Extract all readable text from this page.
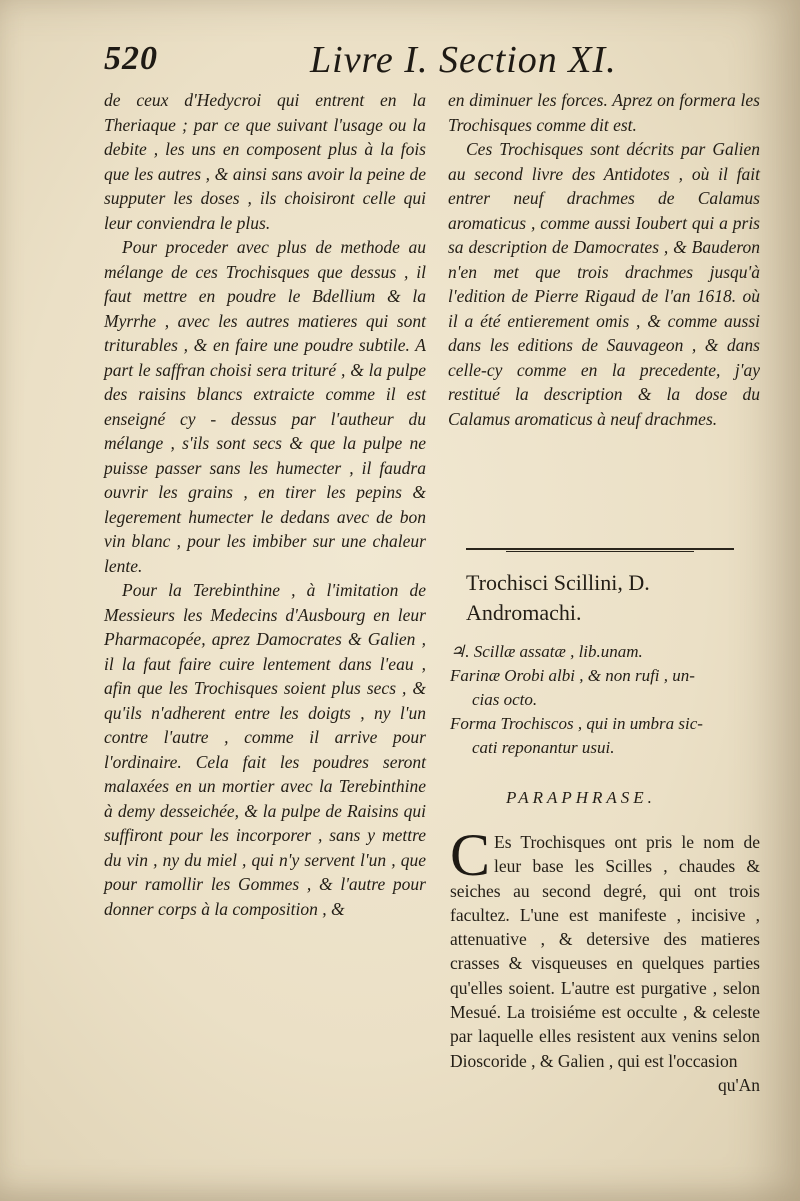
520	Livre I. Section XI.

de ceux d'Hedycroi qui entrent en la Theriaque ; par ce que suivant l'usage ou la debite , les uns en composent plus à la fois que les autres , & ainsi sans avoir la peine de supputer les doses , ils choisiront celle qui leur conviendra le plus.

Pour proceder avec plus de methode au mélange de ces Trochisques que dessus , il faut mettre en poudre le Bdellium & la Myrrhe , avec les autres matieres qui sont triturables , & en faire une poudre subtile. A part le saffran choisi sera trituré , & la pulpe des raisins blancs extraicte comme il est enseigné cy - dessus par l'autheur du mélange , s'ils sont secs & que la pulpe ne puisse passer sans les humecter , il faudra ouvrir les grains , en tirer les pepins & legerement humecter le dedans avec de bon vin blanc , pour les imbiber sur une chaleur lente.

Pour la Terebinthine , à l'imitation de Messieurs les Medecins d'Ausbourg en leur Pharmacopée, aprez Damocrates & Galien , il la faut faire cuire lentement dans l'eau , afin que les Trochisques soient plus secs , & qu'ils n'adherent entre les doigts , ny l'un contre l'autre , comme il arrive pour l'ordinaire. Cela fait les poudres seront malaxées en un mortier avec la Terebinthine à demy desseichée, & la pulpe de Raisins qui suffiront pour les incorporer , sans y mettre du vin , ny du miel , qui n'y servent l'un , que pour ramollir les Gommes , & l'autre pour donner corps à la composition , &

en diminuer les forces. Aprez on formera les Trochisques comme dit est.

Ces Trochisques sont décrits par Galien au second livre des Antidotes , où il fait entrer neuf drachmes de Calamus aromaticus , comme aussi Ioubert qui a pris sa description de Damocrates , & Bauderon n'en met que trois drachmes jusqu'à l'edition de Pierre Rigaud de l'an 1618. où il a été entierement omis , & comme aussi dans les editions de Sauvageon , & dans celle-cy comme en la precedente, j'ay restitué la description & la dose du Calamus aromaticus à neuf drachmes.

Trochisci Scillini, D. Andromachi.

♃. Scillæ assatæ , lib.unam.

Farinæ Orobi albi , & non rufi , un-

cias octo.

Forma Trochiscos , qui in umbra sic-

cati reponantur usui.

PARAPHRASE.
C Es Trochisques ont pris le nom de leur base les Scilles , chaudes & seiches au second degré, qui ont trois facultez. L'une est manifeste , incisive , attenuative , & detersive des matieres crasses & visqueuses en quelques parties qu'elles soient. L'autre est purgative , selon Mesué. La troisiéme est occulte , & celeste par laquelle elles resistent aux venins selon Dioscoride , & Galien , qui est l'occasion
qu'An
